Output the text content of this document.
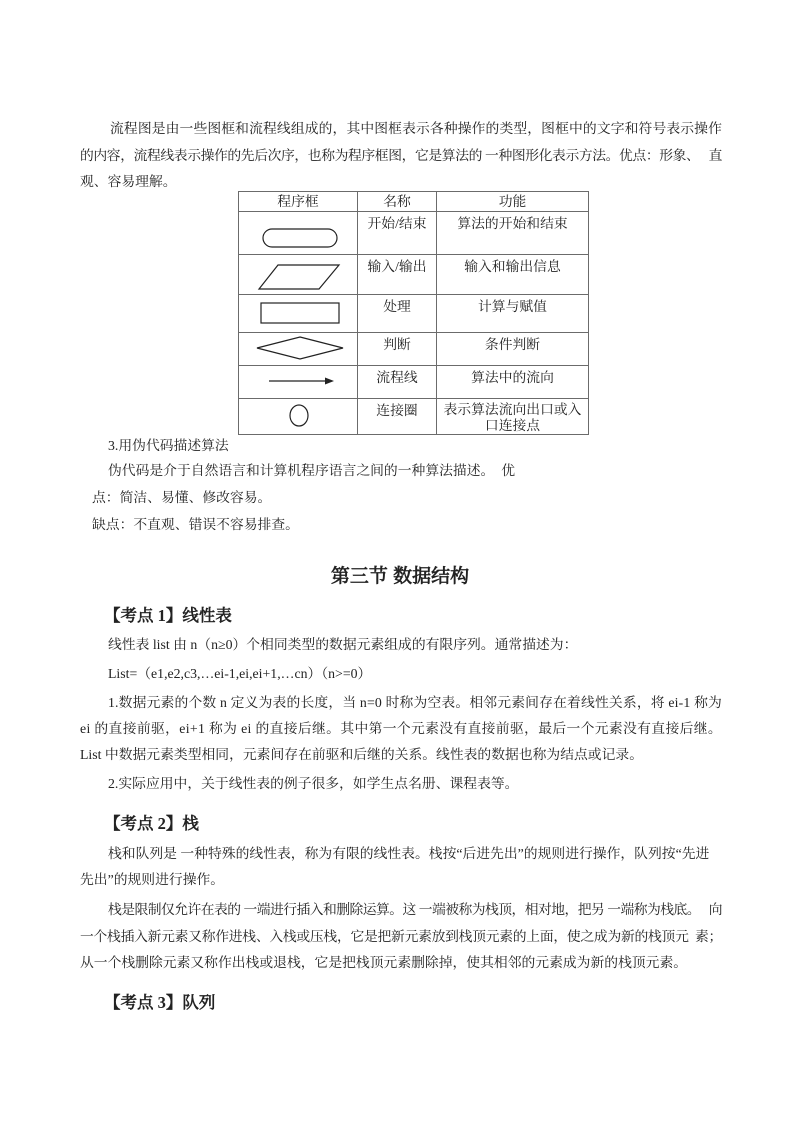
流程图是由一些图框和流程线组成的，其中图框表示各种操作的类型，图框中的文字和符号表示操作
的内容，流程线表示操作的先后次序，也称为程序框图，它是算法的 一种图形化表示方法。优点：形象、   直
观、容易理解。
程序框	名称	功能

	开始/结束	算法的开始和结束

	输入/输出	输入和输出信息

	处理	计算与赋值

	判断	条件判断

	流程线	算法中的流向

	连接圈	表示算法流向出口或入口连接点
3.用伪代码描述算法
伪代码是介于自然语言和计算机程序语言之间的一种算法描述。  优
点：简洁、易懂、修改容易。
缺点：不直观、错误不容易排查。
第三节 数据结构
【考点 1】线性表
线性表 list 由 n（n≥0）个相同类型的数据元素组成的有限序列。通常描述为：
List=（e1,e2,c3,…ei-1,ei,ei+1,…cn）（n>=0）
1.数据元素的个数 n 定义为表的长度，当 n=0 时称为空表。相邻元素间存在着线性关系，将 ei-1 称为
ei 的直接前驱，ei+1 称为 ei 的直接后继。其中第一个元素没有直接前驱，最后一个元素没有直接后继。
List 中数据元素类型相同，元素间存在前驱和后继的关系。线性表的数据也称为结点或记录。
2.实际应用中，关于线性表的例子很多，如学生点名册、课程表等。
【考点 2】栈
栈和队列是 一种特殊的线性表，称为有限的线性表。栈按“后进先出”的规则进行操作，队列按“先进
先出”的规则进行操作。
栈是限制仅允许在表的 一端进行插入和删除运算。这 一端被称为栈顶，相对地，把另 一端称为栈底。   向
一个栈插入新元素又称作进栈、入栈或压栈，它是把新元素放到栈顶元素的上面，使之成为新的栈顶元  素；
从一个栈删除元素又称作出栈或退栈，它是把栈顶元素删除掉，使其相邻的元素成为新的栈顶元素。
【考点 3】队列
